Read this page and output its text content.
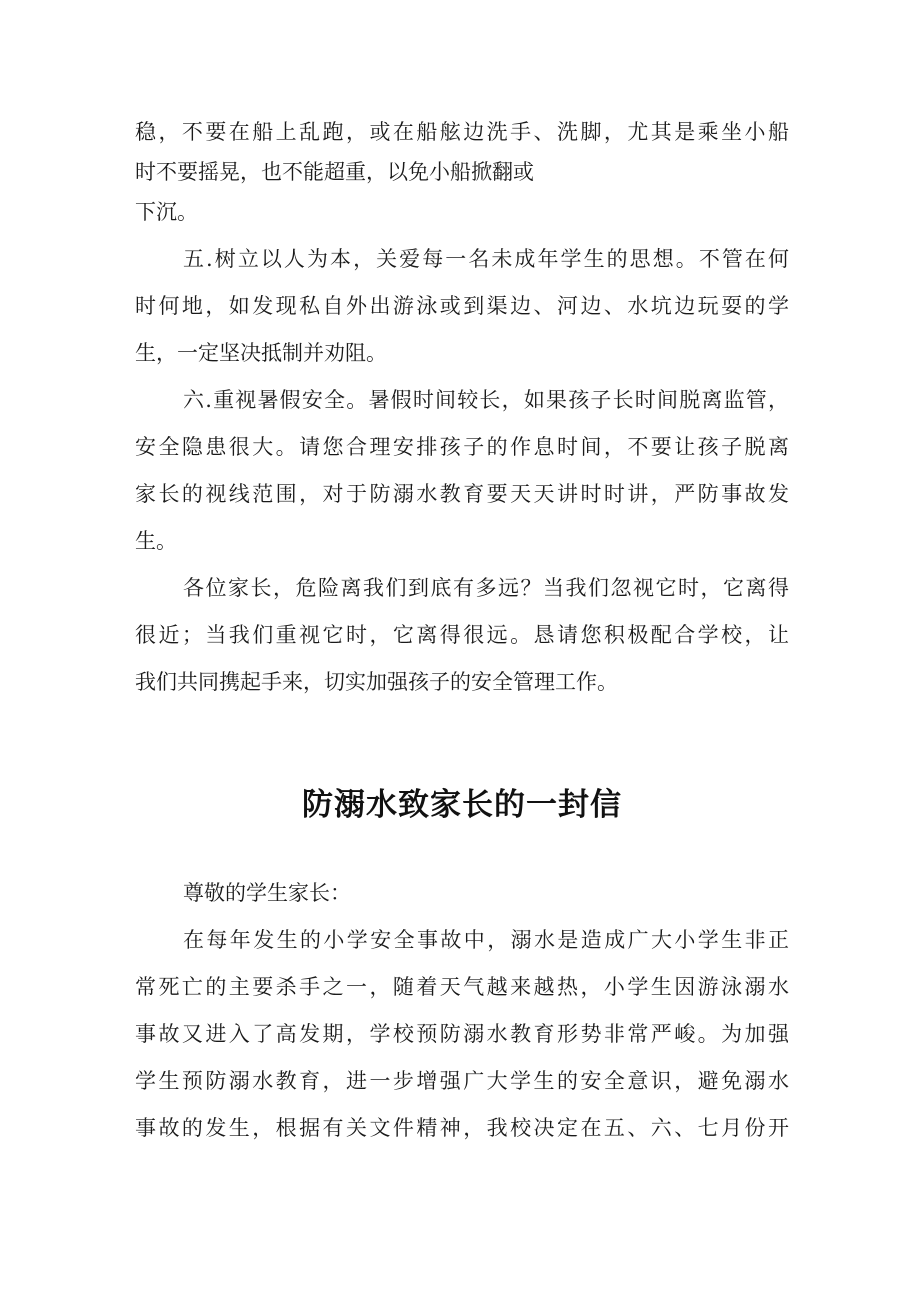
稳，不要在船上乱跑，或在船舷边洗手、洗脚，尤其是乘坐小船
时不要摇晃，也不能超重，以免小船掀翻或
下沉。
五.树立以人为本，关爱每一名未成年学生的思想。不管在何
时何地，如发现私自外出游泳或到渠边、河边、水坑边玩耍的学
生，一定坚决抵制并劝阻。
六.重视暑假安全。暑假时间较长，如果孩子长时间脱离监管，
安全隐患很大。请您合理安排孩子的作息时间，不要让孩子脱离
家长的视线范围，对于防溺水教育要天天讲时时讲，严防事故发
生。
各位家长，危险离我们到底有多远？当我们忽视它时，它离得
很近；当我们重视它时，它离得很远。恳请您积极配合学校，让
我们共同携起手来，切实加强孩子的安全管理工作。
防溺水致家长的一封信
尊敬的学生家长：
在每年发生的小学安全事故中，溺水是造成广大小学生非正
常死亡的主要杀手之一，随着天气越来越热，小学生因游泳溺水
事故又进入了高发期，学校预防溺水教育形势非常严峻。为加强
学生预防溺水教育，进一步增强广大学生的安全意识，避免溺水
事故的发生，根据有关文件精神，我校决定在五、六、七月份开
